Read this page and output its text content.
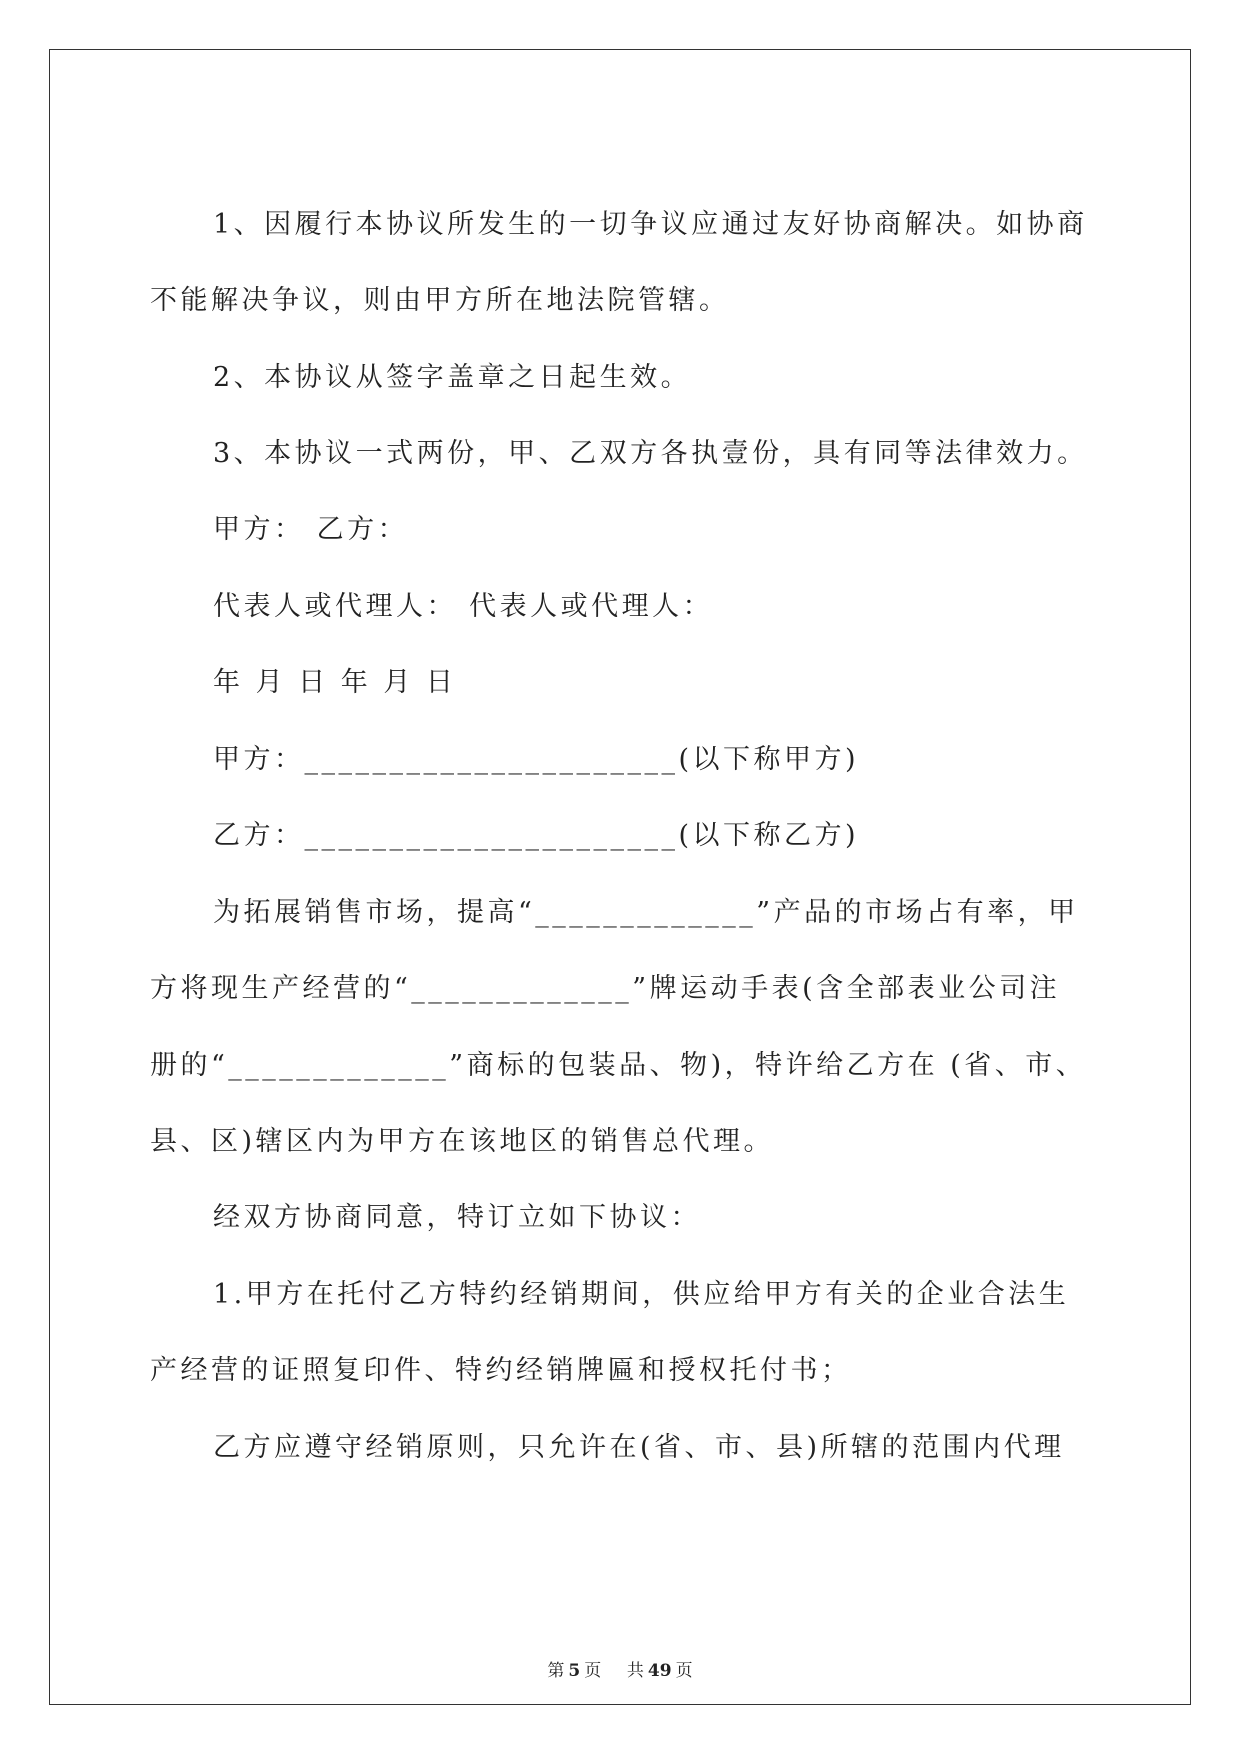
1、因履行本协议所发生的一切争议应通过友好协商解决。如协商

不能解决争议，则由甲方所在地法院管辖。

2、本协议从签字盖章之日起生效。

3、本协议一式两份，甲、乙双方各执壹份，具有同等法律效力。

甲方： 乙方：

代表人或代理人： 代表人或代理人：

年 月 日 年 月 日

甲方：______________________(以下称甲方)

乙方：______________________(以下称乙方)

为拓展销售市场，提高“_____________”产品的市场占有率，甲

方将现生产经营的“_____________”牌运动手表(含全部表业公司注

册的“_____________”商标的包装品、物)，特许给乙方在 (省、市、

县、区)辖区内为甲方在该地区的销售总代理。

经双方协商同意，特订立如下协议：

1.甲方在托付乙方特约经销期间，供应给甲方有关的企业合法生

产经营的证照复印件、特约经销牌匾和授权托付书；

乙方应遵守经销原则，只允许在(省、市、县)所辖的范围内代理

第 5 页 共 49 页
